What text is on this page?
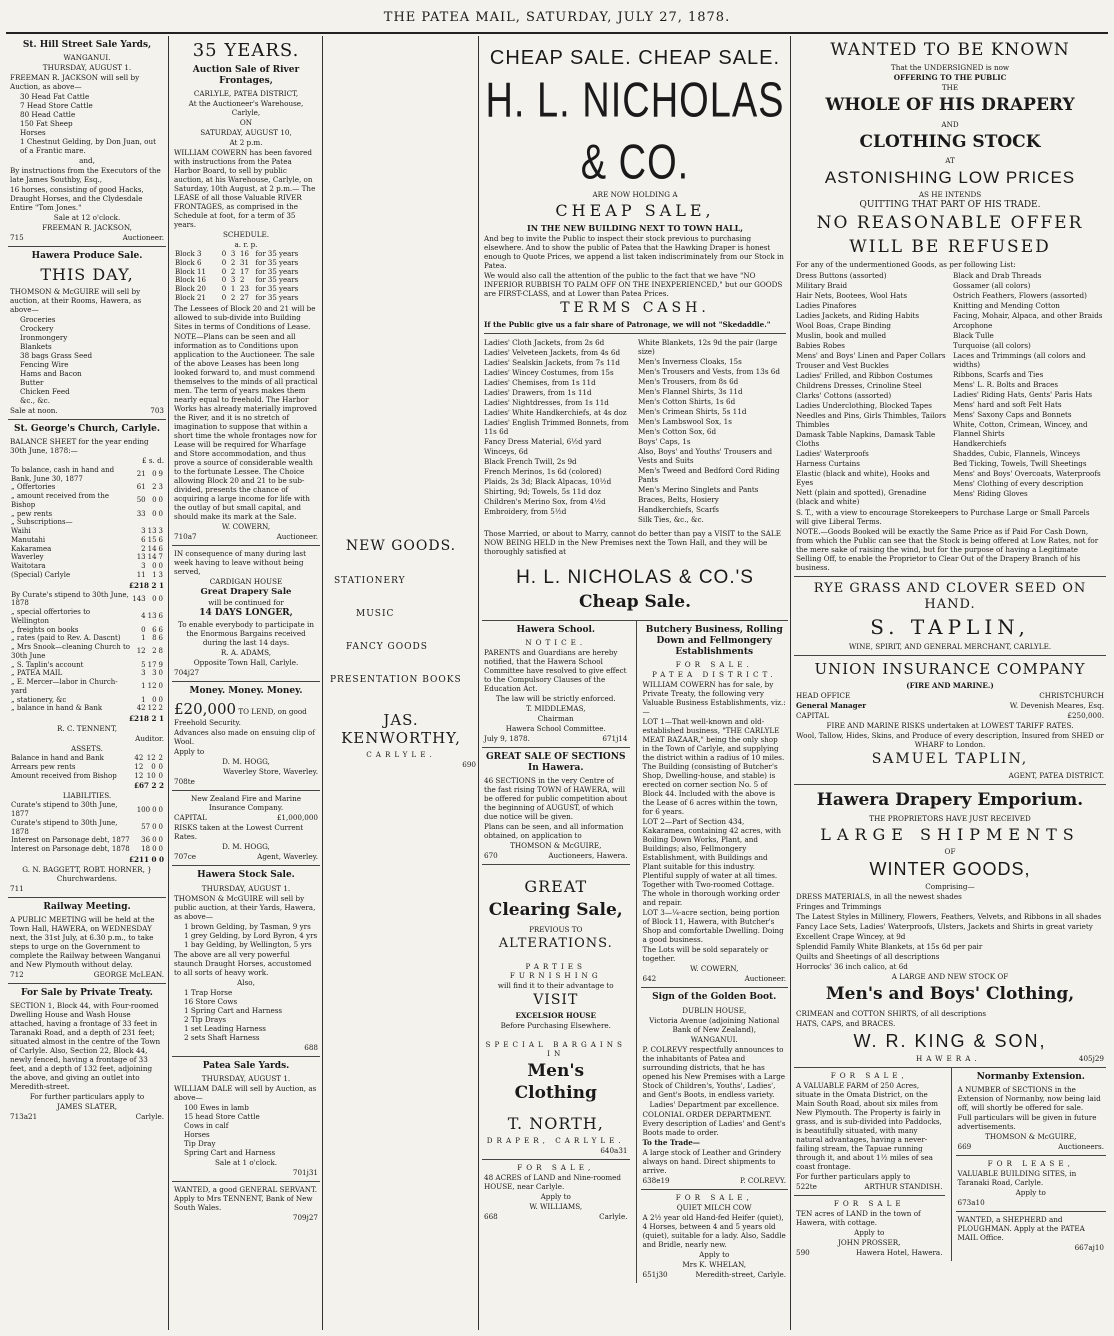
THE PATEA MAIL, SATURDAY, JULY 27, 1878.
St. Hill Street Sale Yards,

WANGANUI.

THURSDAY, AUGUST 1.

FREEMAN R. JACKSON will sell by Auction, as above—

30 Head Fat Cattle

7 Head Store Cattle

80 Head Cattle

150 Fat Sheep

Horses

1 Chestnut Gelding, by Don Juan, out of a Frantic mare.

and,

By instructions from the Executors of the late James Southby, Esq.,

16 horses, consisting of good Hacks, Draught Horses, and the Clydesdale Entire "Tom Jones."

Sale at 12 o'clock.

FREEMAN R. JACKSON,

715	Auctioneer.

Hawera Produce Sale.
THIS DAY,

THOMSON & McGUIRE will sell by auction, at their Rooms, Hawera, as above—

Groceries

Crockery

Ironmongery

Blankets

38 bags Grass Seed

Fencing Wire

Hams and Bacon

Butter

Chicken Feed

&c., &c.

Sale at noon.	703

St. George's Church, Carlyle.

BALANCE SHEET for the year ending 30th June, 1878:—

£ s. d.

To balance, cash in hand and Bank, June 30, 1877	21	0	9
„ Offertories	61	2	3
„ amount received from the Bishop	50	0	0
„ pew rents	33	0	0
„ Subscriptions—			
Waihi	3	13	3
Manutahi	6	15	6
Kakaramea	2	14	6
Waverley	13	14	7
Waitotara	3	0	0
(Special) Carlyle	11	1	3

£218 2 1

By Curate's stipend to 30th June, 1878	143	0	0
„ special offertories to Wellington	4	13	6
„ freights on books	0	6	6
„ rates (paid to Rev. A. Dascnt)	1	8	6
„ Mrs Snook—cleaning Church to 30th June	12	2	8
„ S. Taplin's account	5	17	9
„ PATEA MAIL	3	3	0
„ E. Mercer—labor in Church-yard	1	12	0
„ stationery, &c	1	0	0
„ balance in hand & Bank	42	12	2

£218 2 1

R. C. TENNENT,

Auditor.

ASSETS.

Balance in hand and Bank	42	12	2
Arrears pew rents	12	0	0
Amount received from Bishop	12	10	0

£67 2 2

LIABILITIES.

Curate's stipend to 30th June, 1877	100	0	0
Curate's stipend to 30th June, 1878	57	0	0
Interest on Parsonage debt, 1877	36	0	0
Interest on Parsonage debt, 1878	18	0	0

£211 0 0

G. N. BAGGETT, ROBT. HORNER, } Churchwardens.

711

Railway Meeting.

A PUBLIC MEETING will be held at the Town Hall, HAWERA, on WEDNESDAY next, the 31st July, at 6.30 p.m., to take steps to urge on the Government to complete the Railway between Wanganui and New Plymouth without delay.

712	GEORGE McLEAN.

For Sale by Private Treaty.

SECTION 1, Block 44, with Four-roomed Dwelling House and Wash House attached, having a frontage of 33 feet in Taranaki Road, and a depth of 231 feet; situated almost in the centre of the Town of Carlyle. Also, Section 22, Block 44, newly fenced, having a frontage of 33 feet, and a depth of 132 feet, adjoining the above, and giving an outlet into Meredith-street.

For further particulars apply to

JAMES SLATER,

713a21	Carlyle.

35 YEARS.
Auction Sale of River Frontages,

CARLYLE, PATEA DISTRICT,

At the Auctioneer's Warehouse, Carlyle,

ON

SATURDAY, AUGUST 10,

At 2 p.m.

WILLIAM COWERN has been favored with instructions from the Patea Harbor Board, to sell by public auction, at his Warehouse, Carlyle, on Saturday, 10th August, at 2 p.m.— The LEASE of all those Valuable RIVER FRONTAGES, as comprised in the Schedule at foot, for a term of 35 years.

SCHEDULE.

a. r. p.

Block 3	0	3	16	for 35 years
Block 6	0	2	31	for 35 years
Block 11	0	2	17	for 35 years
Block 16	0	3	2	for 35 years
Block 20	0	1	23	for 35 years
Block 21	0	2	27	for 35 years

The Lessees of Block 20 and 21 will be allowed to sub-divide into Building Sites in terms of Conditions of Lease.

NOTE—Plans can be seen and all information as to Conditions upon application to the Auctioneer. The sale of the above Leases has been long looked forward to, and must commend themselves to the minds of all practical men. The term of years makes them nearly equal to freehold. The Harbor Works has already materially improved the River, and it is no stretch of imagination to suppose that within a short time the whole frontages now for Lease will be required for Wharfage and Store accommodation, and thus prove a source of considerable wealth to the fortunate Lessee. The Choice allowing Block 20 and 21 to be sub-divided, presents the chance of acquiring a large income for life with the outlay of but small capital, and should make its mark at the Sale.

W. COWERN,

710a7	Auctioneer.

IN consequence of many during last week having to leave without being served,

CARDIGAN HOUSE

Great Drapery Sale

will be continued for

14 DAYS LONGER,

To enable everybody to participate in the Enormous Bargains received during the last 14 days.

R. A. ADAMS,

Opposite Town Hall, Carlyle.

704j27

Money. Money. Money.

£20,000 TO LEND, on good Freehold Security.

Advances also made on ensuing clip of Wool.

Apply to

D. M. HOGG,

Waverley Store, Waverley.

708te

New Zealand Fire and Marine Insurance Company.

CAPITAL	£1,000,000

RISKS taken at the Lowest Current Rates.

D. M. HOGG,

707ce	Agent, Waverley.

Hawera Stock Sale.

THURSDAY, AUGUST 1.

THOMSON & McGUIRE will sell by public auction, at their Yards, Hawera, as above—

1 brown Gelding, by Tasman, 9 yrs

1 grey Gelding, by Lord Byron, 4 yrs

1 bay Gelding, by Wellington, 5 yrs

The above are all very powerful staunch Draught Horses, accustomed to all sorts of heavy work.

Also,

1 Trap Horse

16 Store Cows

1 Spring Cart and Harness

2 Tip Drays

1 set Leading Harness

2 sets Shaft Harness

688

Patea Sale Yards.

THURSDAY, AUGUST 1.

WILLIAM DALE will sell by Auction, as above—

100 Ewes in lamb

15 head Store Cattle

Cows in calf

Horses

Tip Dray

Spring Cart and Harness

Sale at 1 o'clock.

701j31

WANTED, a good GENERAL SERVANT. Apply to Mrs TENNENT, Bank of New South Wales.

709j27

NEW GOODS.

STATIONERY

MUSIC

FANCY GOODS

PRESENTATION BOOKS

JAS. KENWORTHY,

CARLYLE.

690

CHEAP SALE. CHEAP SALE.
H. L. NICHOLAS & CO.

ARE NOW HOLDING A

CHEAP SALE,

IN THE NEW BUILDING NEXT TO TOWN HALL,

And beg to invite the Public to inspect their stock previous to purchasing elsewhere. And to show the public of Patea that the Hawking Draper is honest enough to Quote Prices, we append a list taken indiscriminately from our Stock in Patea.

We would also call the attention of the public to the fact that we have "NO INFERIOR RUBBISH TO PALM OFF ON THE INEXPERIENCED," but our GOODS are FIRST-CLASS, and at Lower than Patea Prices.

TERMS CASH.

If the Public give us a fair share of Patronage, we will not "Skedaddle."

Ladies' Cloth Jackets, from 2s 6d

Ladies' Velveteen Jackets, from 4s 6d

Ladies' Sealskin Jackets, from 7s 11d

Ladies' Wincey Costumes, from 15s

Ladies' Chemises, from 1s 11d

Ladies' Drawers, from 1s 11d

Ladies' Nightdresses, from 1s 11d

Ladies' White Handkerchiefs, at 4s doz

Ladies' English Trimmed Bonnets, from 11s 6d

Fancy Dress Material, 6½d yard

Winceys, 6d

Black French Twill, 2s 9d

French Merinos, 1s 6d (colored)

Plaids, 2s 3d; Black Alpacas, 10½d

Shirting, 9d; Towels, 5s 11d doz

Children's Merino Sox, from 4½d

Embroidery, from 5½d

White Blankets, 12s 9d the pair (large size)

Men's Inverness Cloaks, 15s

Men's Trousers and Vests, from 13s 6d

Men's Trousers, from 8s 6d

Men's Flannel Shirts, 3s 11d

Men's Cotton Shirts, 1s 6d

Men's Crimean Shirts, 5s 11d

Men's Lambswool Sox, 1s

Men's Cotton Sox, 6d

Boys' Caps, 1s

Also, Boys' and Youths' Trousers and Vests and Suits

Men's Tweed and Bedford Cord Riding Pants

Men's Merino Singlets and Pants

Braces, Belts, Hosiery

Handkerchiefs, Scarfs

Silk Ties, &c., &c.

Those Married, or about to Marry, cannot do better than pay a VISIT to the SALE NOW BEING HELD in the New Premises next the Town Hall, and they will be thoroughly satisfied at

H. L. NICHOLAS & CO.'S
Cheap Sale.
Hawera School.

NOTICE.

PARENTS and Guardians are hereby notified, that the Hawera School Committee have resolved to give effect to the Compulsory Clauses of the Education Act.

The law will be strictly enforced.

T. MIDDLEMAS,

Chairman

Hawera School Committee.

July 9, 1878.	671j14

GREAT SALE OF SECTIONS In Hawera.

46 SECTIONS in the very Centre of the fast rising TOWN of HAWERA, will be offered for public competition about the beginning of AUGUST, of which due notice will be given.

Plans can be seen, and all information obtained, on application to

THOMSON & McGUIRE,

670	Auctioneers, Hawera.

GREAT
Clearing Sale,

PREVIOUS TO

ALTERATIONS.

PARTIES FURNISHING

will find it to their advantage to

VISIT

EXCELSIOR HOUSE

Before Purchasing Elsewhere.

SPECIAL BARGAINS IN

Men's Clothing
T. NORTH,

DRAPER, CARLYLE.

640a31

FOR SALE,

48 ACRES of LAND and Nine-roomed HOUSE, near Carlyle.

Apply to

W. WILLIAMS,

668	Carlyle.

Butchery Business, Rolling Down and Fellmongery Establishments

FOR SALE.

PATEA DISTRICT.

WILLIAM COWERN has for sale, by Private Treaty, the following very Valuable Business Establishments, viz.:—

LOT 1—That well-known and old-established business, "THE CARLYLE MEAT BAZAAR," being the only shop in the Town of Carlyle, and supplying the district within a radius of 10 miles. The Building (consisting of Butcher's Shop, Dwelling-house, and stable) is erected on corner section No. 5 of Block 44. Included with the above is the Lease of 6 acres within the town, for 6 years.

LOT 2—Part of Section 434, Kakaramea, containing 42 acres, with Boiling Down Works, Plant, and Buildings; also, Fellmongery Establishment, with Buildings and Plant suitable for this industry. Plentiful supply of water at all times. Together with Two-roomed Cottage. The whole in thorough working order and repair.

LOT 3—¼-acre section, being portion of Block 11, Hawera, with Butcher's Shop and comfortable Dwelling. Doing a good business.

The Lots will be sold separately or together.

W. COWERN,

642	Auctioneer.

Sign of the Golden Boot.

DUBLIN HOUSE,

Victoria Avenue (adjoining National Bank of New Zealand),

WANGANUI.

P. COLREVY respectfully announces to the inhabitants of Patea and surrounding districts, that he has opened his New Premises with a Large Stock of Children's, Youths', Ladies', and Gent's Boots, in endless variety.

Ladies' Department par excellence.

COLONIAL ORDER DEPARTMENT. Every description of Ladies' and Gent's Boots made to order.

To the Trade—

A large stock of Leather and Grindery always on hand. Direct shipments to arrive.

638e19	P. COLREVY.

FOR SALE,

QUIET MILCH COW

A 2½ year old Hand-fed Heifer (quiet), 4 Horses, between 4 and 5 years old (quiet), suitable for a lady. Also, Saddle and Bridle, nearly new.

Apply to

Mrs K. WHELAN,

651j30	Meredith-street, Carlyle.

WANTED TO BE KNOWN

That the UNDERSIGNED is now

OFFERING TO THE PUBLIC

THE

WHOLE OF HIS DRAPERY

AND

CLOTHING STOCK

AT

ASTONISHING LOW PRICES

AS HE INTENDS

QUITTING THAT PART OF HIS TRADE.

NO REASONABLE OFFER
WILL BE REFUSED

For any of the undermentioned Goods, as per following List:

Dress Buttons (assorted)

Military Braid

Hair Nets, Bootees, Wool Hats

Ladies Pinafores

Ladies Jackets, and Riding Habits

Wool Boas, Crape Binding

Muslin, book and mulled

Babies Robes

Mens' and Boys' Linen and Paper Collars

Trouser and Vest Buckles

Ladies' Frilled, and Ribbon Costumes

Childrens Dresses, Crinoline Steel

Clarks' Cottons (assorted)

Ladies Underclothing, Blocked Tapes

Needles and Pins, Girls Thimbles, Tailors Thimbles

Damask Table Napkins, Damask Table Cloths

Ladies' Waterproofs

Harness Curtains

Elastic (black and white), Hooks and Eyes

Nett (plain and spotted), Grenadine (black and white)

Black and Drab Threads

Gossamer (all colors)

Ostrich Feathers, Flowers (assorted)

Knitting and Mending Cotton

Facing, Mohair, Alpaca, and other Braids

Arcophone

Black Tulle

Turquoise (all colors)

Laces and Trimmings (all colors and widths)

Ribbons, Scarfs and Ties

Mens' L. R. Bolts and Braces

Ladies' Riding Hats, Gents' Paris Hats

Mens' hard and soft Felt Hats

Mens' Saxony Caps and Bonnets

White, Cotton, Crimean, Wincey, and Flannel Shirts

Handkerchiefs

Shaddes, Cubic, Flannels, Winceys

Bed Ticking, Towels, Twill Sheetings

Mens' and Boys' Overcoats, Waterproofs

Mens' Clothing of every description

Mens' Riding Gloves

S. T., with a view to encourage Storekeepers to Purchase Large or Small Parcels will give Liberal Terms.

NOTE.—Goods Booked will be exactly the Same Price as if Paid For Cash Down, from which the Public can see that the Stock is being offered at Low Rates, not for the mere sake of raising the wind, but for the purpose of having a Legitimate Selling Off, to enable the Proprietor to Clear Out of the Drapery Branch of his business.

RYE GRASS AND CLOVER SEED ON HAND.
S. TAPLIN,

WINE, SPIRIT, AND GENERAL MERCHANT, CARLYLE.

UNION INSURANCE COMPANY

(FIRE AND MARINE.)

HEAD OFFICE	CHRISTCHURCH

General Manager	W. Devenish Meares, Esq.

CAPITAL	£250,000.

FIRE AND MARINE RISKS undertaken at LOWEST TARIFF RATES.

Wool, Tallow, Hides, Skins, and Produce of every description, Insured from SHED or WHARF to London.

SAMUEL TAPLIN,

AGENT, PATEA DISTRICT.

Hawera Drapery Emporium.

THE PROPRIETORS HAVE JUST RECEIVED

LARGE SHIPMENTS

OF

WINTER GOODS,

Comprising—

DRESS MATERIALS, in all the newest shades

Fringes and Trimmings

The Latest Styles in Millinery, Flowers, Feathers, Velvets, and Ribbons in all shades

Fancy Lace Sets, Ladies' Waterproofs, Ulsters, Jackets and Shirts in great variety

Excellent Crape Wincey, at 9d

Splendid Family White Blankets, at 15s 6d per pair

Quilts and Sheetings of all descriptions

Horrocks' 36 inch calico, at 6d

A LARGE AND NEW STOCK OF

Men's and Boys' Clothing,

CRIMEAN and COTTON SHIRTS, of all descriptions

HATS, CAPS, and BRACES.

W. R. KING & SON,

HAWERA.	405j29

FOR SALE,

A VALUABLE FARM of 250 Acres, situate in the Omata District, on the Main South Road, about six miles from New Plymouth. The Property is fairly in grass, and is sub-divided into Paddocks, is beautifully situated, with many natural advantages, having a never-failing stream, the Tapuae running through it, and about 1½ miles of sea coast frontage.

For further particulars apply to

522te	ARTHUR STANDISH.

FOR SALE

TEN acres of LAND in the town of Hawera, with cottage.

Apply to

JOHN PROSSER,

590	Hawera Hotel, Hawera.

Normanby Extension.

A NUMBER of SECTIONS in the Extension of Normanby, now being laid off, will shortly be offered for sale.

Full particulars will be given in future advertisements.

THOMSON & McGUIRE,

669	Auctioneers.

FOR LEASE,

VALUABLE BUILDING SITES, in Taranaki Road, Carlyle.

Apply to

673a10

WANTED, a SHEPHERD and PLOUGHMAN. Apply at the PATEA MAIL Office.

667aj10
